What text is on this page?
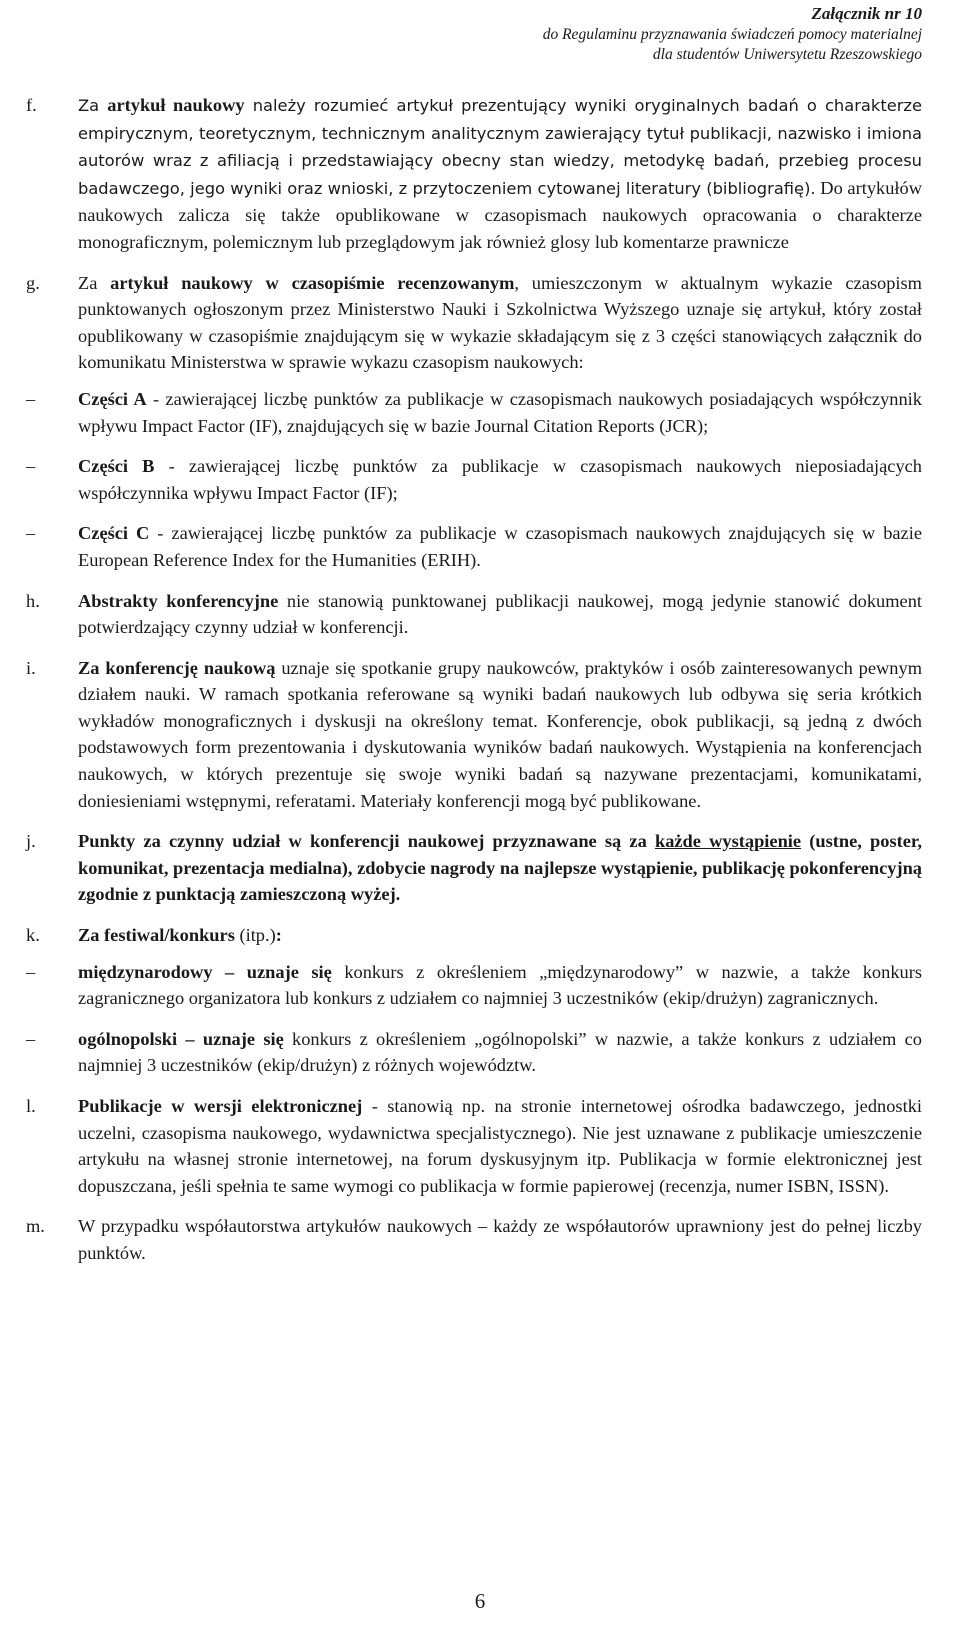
Załącznik nr 10
do Regulaminu przyznawania świadczeń pomocy materialnej
dla studentów Uniwersytetu Rzeszowskiego
f.	Za artykuł naukowy należy rozumieć artykuł prezentujący wyniki oryginalnych badań o charakterze empirycznym, teoretycznym, technicznym analitycznym zawierający tytuł publikacji, nazwisko i imiona autorów wraz z afiliacją i przedstawiający obecny stan wiedzy, metodykę badań, przebieg procesu badawczego, jego wyniki oraz wnioski, z przytoczeniem cytowanej literatury (bibliografię). Do artykułów naukowych zalicza się także opublikowane w czasopismach naukowych opracowania o charakterze monograficznym, polemicznym lub przeglądowym jak również glosy lub komentarze prawnicze
g. Za artykuł naukowy w czasopiśmie recenzowanym, umieszczonym w aktualnym wykazie czasopism punktowanych ogłoszonym przez Ministerstwo Nauki i Szkolnictwa Wyższego uznaje się artykuł, który został opublikowany w czasopiśmie znajdującym się w wykazie składającym się z 3 części stanowiących załącznik do komunikatu Ministerstwa w sprawie wykazu czasopism naukowych:
– Części A - zawierającej liczbę punktów za publikacje w czasopismach naukowych posiadających współczynnik wpływu Impact Factor (IF), znajdujących się w bazie Journal Citation Reports (JCR);
– Części B - zawierającej liczbę punktów za publikacje w czasopismach naukowych nieposiadających współczynnika wpływu Impact Factor (IF);
– Części C - zawierającej liczbę punktów za publikacje w czasopismach naukowych znajdujących się w bazie European Reference Index for the Humanities (ERIH).
h. Abstrakty konferencyjne nie stanowią punktowanej publikacji naukowej, mogą jedynie stanowić dokument potwierdzający czynny udział w konferencji.
i. Za konferencję naukową uznaje się spotkanie grupy naukowców, praktyków i osób zainteresowanych pewnym działem nauki. W ramach spotkania referowane są wyniki badań naukowych lub odbywa się seria krótkich wykładów monograficznych i dyskusji na określony temat. Konferencje, obok publikacji, są jedną z dwóch podstawowych form prezentowania i dyskutowania wyników badań naukowych. Wystąpienia na konferencjach naukowych, w których prezentuje się swoje wyniki badań są nazywane prezentacjami, komunikatami, doniesieniami wstępnymi, referatami. Materiały konferencji mogą być publikowane.
j. Punkty za czynny udział w konferencji naukowej przyznawane są za każde wystąpienie (ustne, poster, komunikat, prezentacja medialna), zdobycie nagrody na najlepsze wystąpienie, publikację pokonferencyjną zgodnie z punktacją zamieszczoną wyżej.
k. Za festiwal/konkurs (itp.):
– międzynarodowy – uznaje się konkurs z określeniem „międzynarodowy” w nazwie, a także konkurs zagranicznego organizatora lub konkurs z udziałem co najmniej 3 uczestników (ekip/drużyn) zagranicznych.
– ogólnopolski – uznaje się konkurs z określeniem „ogólnopolski” w nazwie, a także konkurs z udziałem co najmniej 3 uczestników (ekip/drużyn) z różnych województw.
l. Publikacje w wersji elektronicznej - stanowią np. na stronie internetowej ośrodka badawczego, jednostki uczelni, czasopisma naukowego, wydawnictwa specjalistycznego). Nie jest uznawane z publikacje umieszczenie artykułu na własnej stronie internetowej, na forum dyskusyjnym itp. Publikacja w formie elektronicznej jest dopuszczana, jeśli spełnia te same wymogi co publikacja w formie papierowej (recenzja, numer ISBN, ISSN).
m. W przypadku współautorstwa artykułów naukowych – każdy ze współautorów uprawniony jest do pełnej liczby punktów.
6
